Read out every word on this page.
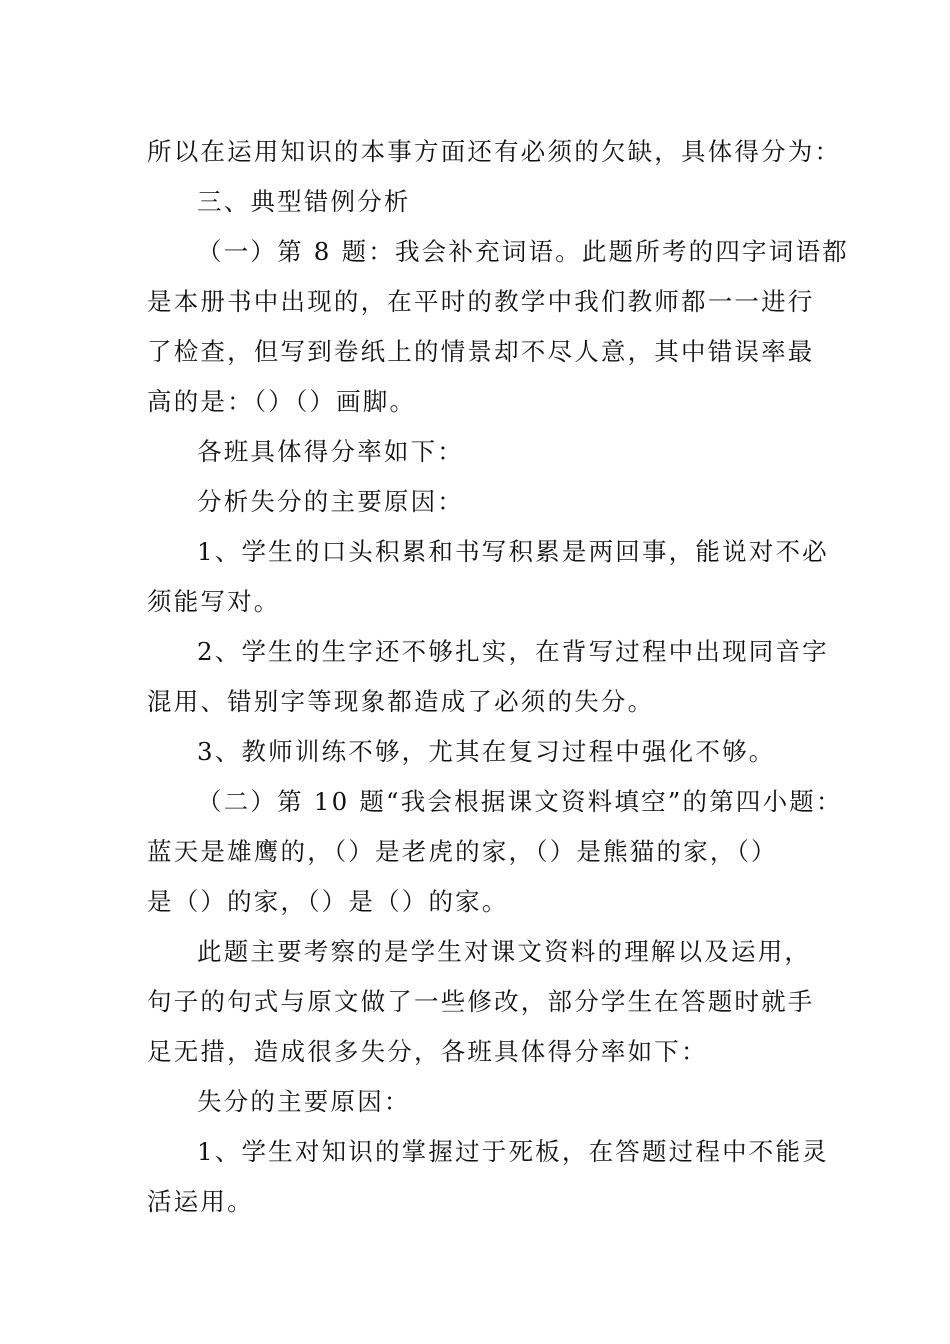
所以在运用知识的本事方面还有必须的欠缺，具体得分为：
三、典型错例分析
（一）第 8 题：我会补充词语。此题所考的四字词语都
是本册书中出现的，在平时的教学中我们教师都一一进行
了检查，但写到卷纸上的情景却不尽人意，其中错误率最
高的是：（）（）画脚。
各班具体得分率如下：
分析失分的主要原因：
1、学生的口头积累和书写积累是两回事，能说对不必
须能写对。
2、学生的生字还不够扎实，在背写过程中出现同音字
混用、错别字等现象都造成了必须的失分。
3、教师训练不够，尤其在复习过程中强化不够。
（二）第 10 题“我会根据课文资料填空”的第四小题：
蓝天是雄鹰的，（）是老虎的家，（）是熊猫的家，（）
是（）的家，（）是（）的家。
此题主要考察的是学生对课文资料的理解以及运用，
句子的句式与原文做了一些修改，部分学生在答题时就手
足无措，造成很多失分，各班具体得分率如下：
失分的主要原因：
1、学生对知识的掌握过于死板，在答题过程中不能灵
活运用。
